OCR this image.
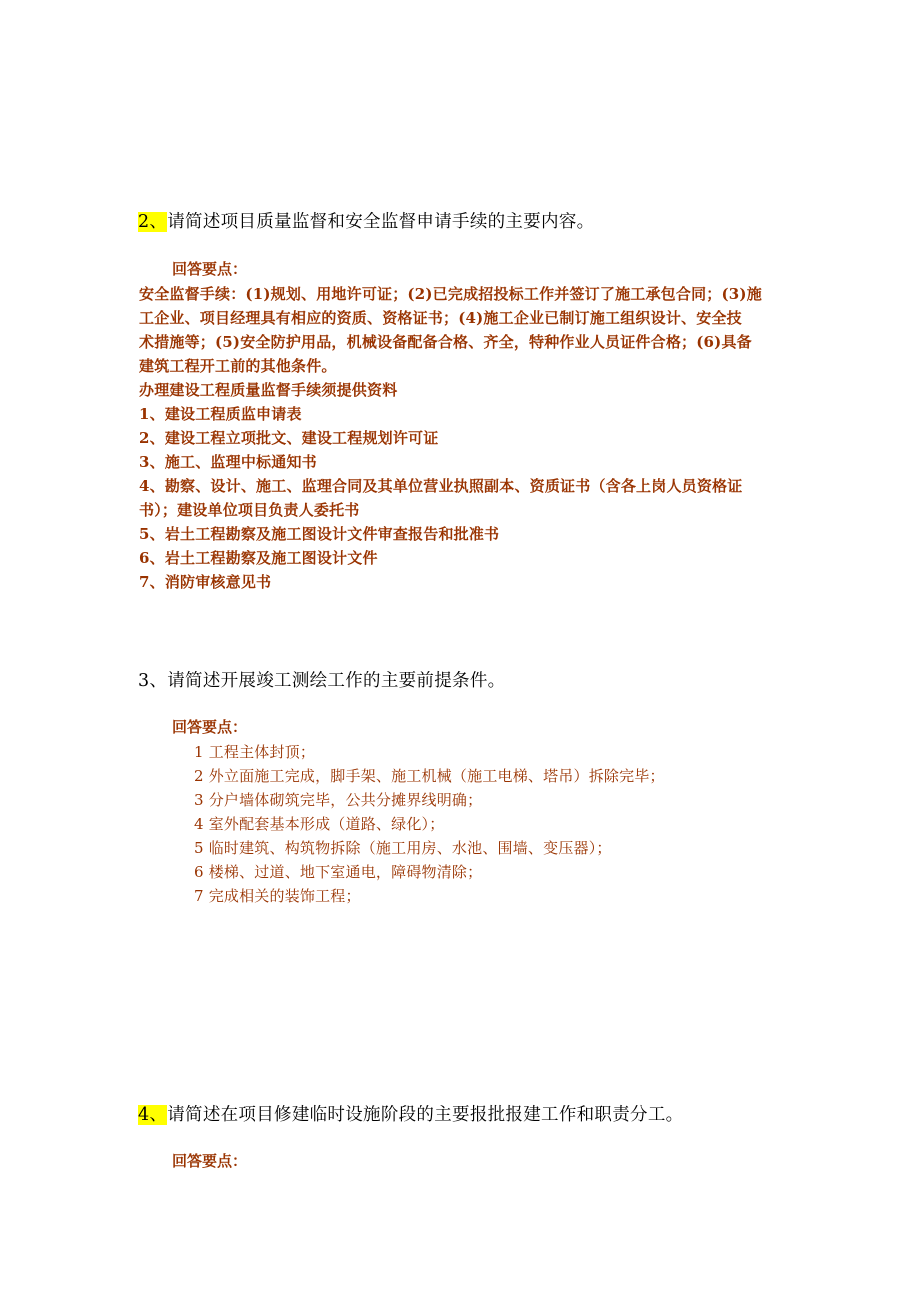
2、请简述项目质量监督和安全监督申请手续的主要内容。
回答要点：
安全监督手续：(1)规划、用地许可证；(2)已完成招投标工作并签订了施工承包合同；(3)施
工企业、项目经理具有相应的资质、资格证书；(4)施工企业已制订施工组织设计、安全技
术措施等；(5)安全防护用品，机械设备配备合格、齐全，特种作业人员证件合格；(6)具备
建筑工程开工前的其他条件。
办理建设工程质量监督手续须提供资料
1、建设工程质监申请表
2、建设工程立项批文、建设工程规划许可证
3、施工、监理中标通知书
4、勘察、设计、施工、监理合同及其单位营业执照副本、资质证书（含各上岗人员资格证
书）；建设单位项目负责人委托书
5、岩土工程勘察及施工图设计文件审查报告和批准书
6、岩土工程勘察及施工图设计文件
7、消防审核意见书
3、请简述开展竣工测绘工作的主要前提条件。
回答要点：
1 工程主体封顶；
2 外立面施工完成，脚手架、施工机械（施工电梯、塔吊）拆除完毕；
3 分户墙体砌筑完毕，公共分摊界线明确；
4 室外配套基本形成（道路、绿化）；
5 临时建筑、构筑物拆除（施工用房、水池、围墙、变压器）；
6 楼梯、过道、地下室通电，障碍物清除；
7 完成相关的装饰工程；
4、请简述在项目修建临时设施阶段的主要报批报建工作和职责分工。
回答要点：
